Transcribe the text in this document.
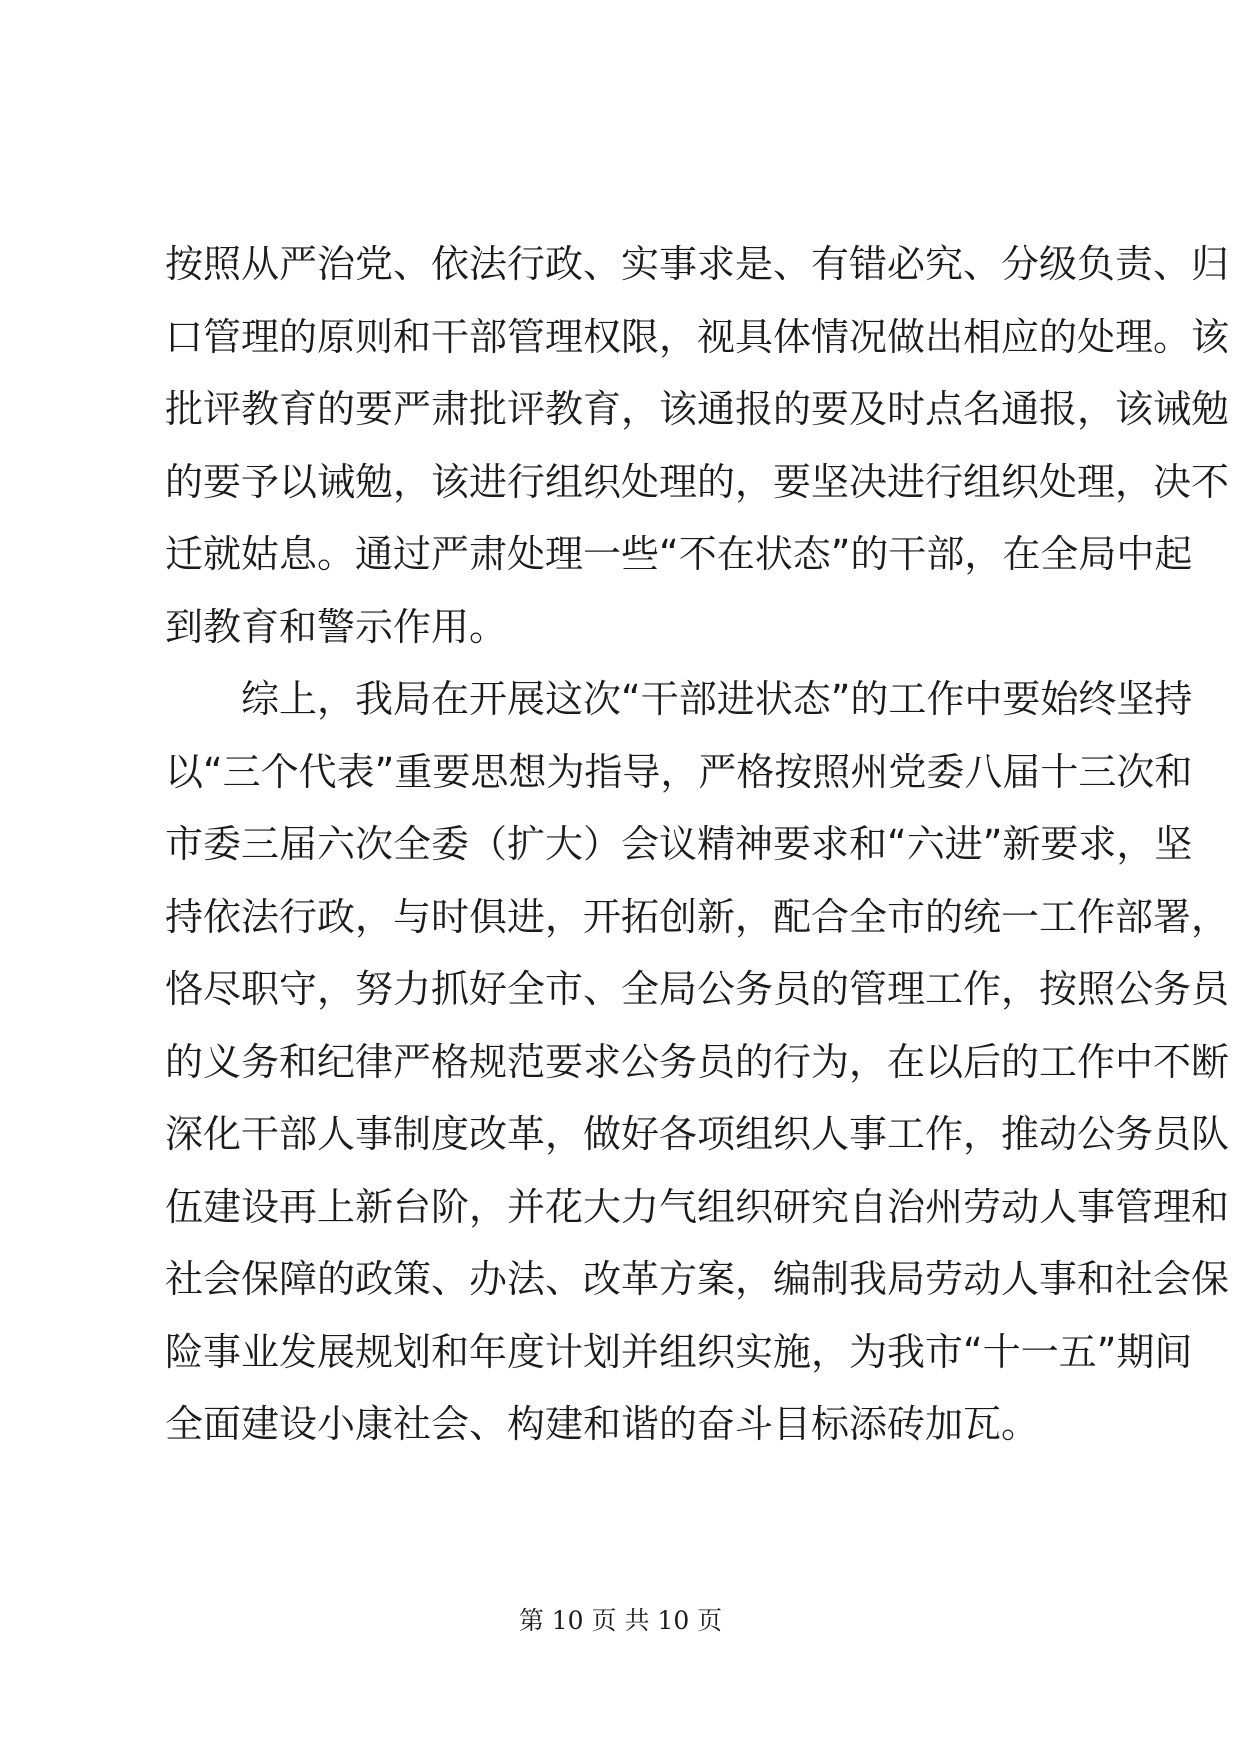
按照从严治党、依法行政、实事求是、有错必究、分级负责、归
口管理的原则和干部管理权限，视具体情况做出相应的处理。该
批评教育的要严肃批评教育，该通报的要及时点名通报，该诫勉
的要予以诫勉，该进行组织处理的，要坚决进行组织处理，决不
迁就姑息。通过严肃处理一些“不在状态”的干部，在全局中起
到教育和警示作用。
综上，我局在开展这次“干部进状态”的工作中要始终坚持
以“三个代表”重要思想为指导，严格按照州党委八届十三次和
市委三届六次全委（扩大）会议精神要求和“六进”新要求，坚
持依法行政，与时俱进，开拓创新，配合全市的统一工作部署，
恪尽职守，努力抓好全市、全局公务员的管理工作，按照公务员
的义务和纪律严格规范要求公务员的行为，在以后的工作中不断
深化干部人事制度改革，做好各项组织人事工作，推动公务员队
伍建设再上新台阶，并花大力气组织研究自治州劳动人事管理和
社会保障的政策、办法、改革方案，编制我局劳动人事和社会保
险事业发展规划和年度计划并组织实施，为我市“十一五”期间
全面建设小康社会、构建和谐的奋斗目标添砖加瓦。
第 10 页 共 10 页
